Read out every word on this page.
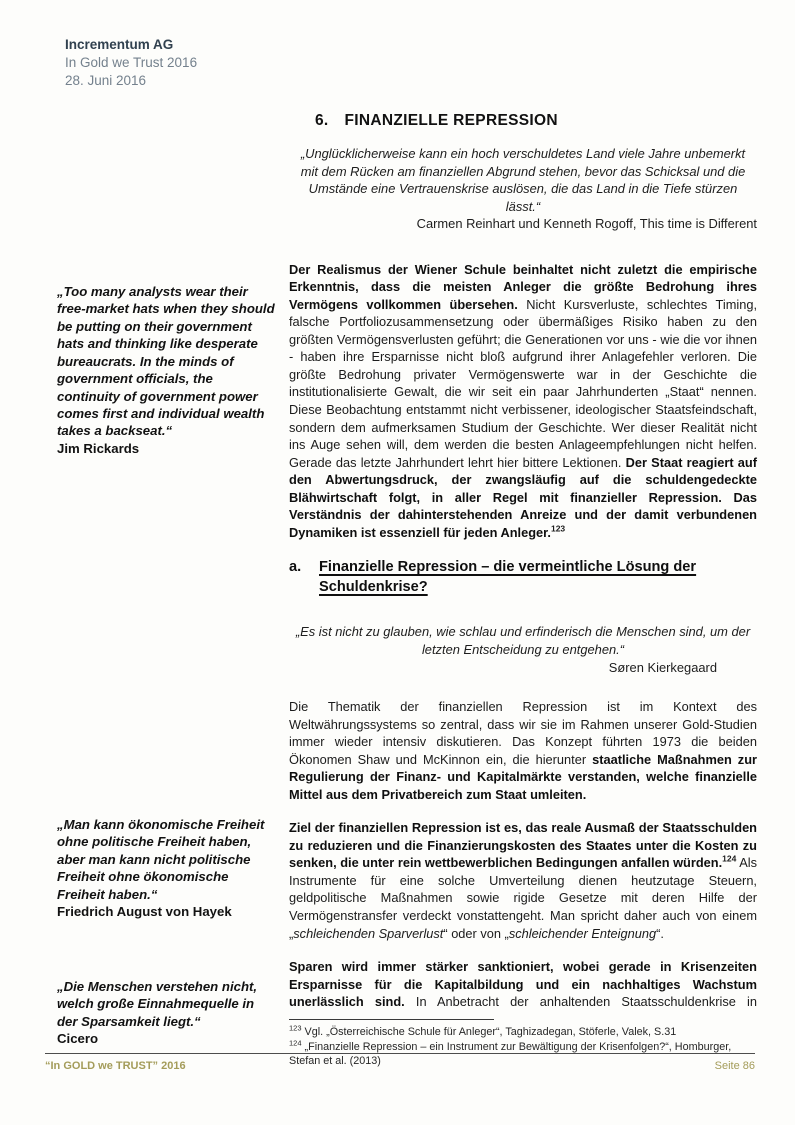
Incrementum AG
In Gold we Trust 2016
28. Juni 2016

„Too many analysts wear their free-market hats when they should be putting on their government hats and thinking like desperate bureaucrats. In the minds of government officials, the continuity of government power comes first and individual wealth takes a backseat.“

Jim Rickards

„Man kann ökonomische Freiheit ohne politische Freiheit haben, aber man kann nicht politische Freiheit ohne ökonomische Freiheit haben.“

Friedrich August von Hayek

„Die Menschen verstehen nicht, welch große Einnahmequelle in der Sparsamkeit liegt.“

Cicero
6. FINANZIELLE REPRESSION

„Unglücklicherweise kann ein hoch verschuldetes Land viele Jahre unbemerkt mit dem Rücken am finanziellen Abgrund stehen, bevor das Schicksal und die Umstände eine Vertrauenskrise auslösen, die das Land in die Tiefe stürzen lässt.“

Carmen Reinhart und Kenneth Rogoff, This time is Different

Der Realismus der Wiener Schule beinhaltet nicht zuletzt die empirische Erkenntnis, dass die meisten Anleger die größte Bedrohung ihres Vermögens vollkommen übersehen. Nicht Kursverluste, schlechtes Timing, falsche Portfoliozusammensetzung oder übermäßiges Risiko haben zu den größten Vermögensverlusten geführt; die Generationen vor uns - wie die vor ihnen - haben ihre Ersparnisse nicht bloß aufgrund ihrer Anlagefehler verloren. Die größte Bedrohung privater Vermögenswerte war in der Geschichte die institutionalisierte Gewalt, die wir seit ein paar Jahrhunderten „Staat“ nennen. Diese Beobachtung entstammt nicht verbissener, ideologischer Staatsfeindschaft, sondern dem aufmerksamen Studium der Geschichte. Wer dieser Realität nicht ins Auge sehen will, dem werden die besten Anlageempfehlungen nicht helfen. Gerade das letzte Jahrhundert lehrt hier bittere Lektionen. Der Staat reagiert auf den Abwertungsdruck, der zwangsläufig auf die schuldengedeckte Blähwirtschaft folgt, in aller Regel mit finanzieller Repression. Das Verständnis der dahinterstehenden Anreize und der damit verbundenen Dynamiken ist essenziell für jeden Anleger.$^{123}$

a.	Finanzielle Repression – die vermeintliche Lösung der Schuldenkrise?

„Es ist nicht zu glauben, wie schlau und erfinderisch die Menschen sind, um der letzten Entscheidung zu entgehen.“

Søren Kierkegaard

Die Thematik der finanziellen Repression ist im Kontext des Weltwährungssystems so zentral, dass wir sie im Rahmen unserer Gold-Studien immer wieder intensiv diskutieren. Das Konzept führten 1973 die beiden Ökonomen Shaw und McKinnon ein, die hierunter staatliche Maßnahmen zur Regulierung der Finanz- und Kapitalmärkte verstanden, welche finanzielle Mittel aus dem Privatbereich zum Staat umleiten.

Ziel der finanziellen Repression ist es, das reale Ausmaß der Staatsschulden zu reduzieren und die Finanzierungskosten des Staates unter die Kosten zu senken, die unter rein wettbewerblichen Bedingungen anfallen würden.$^{124}$ Als Instrumente für eine solche Umverteilung dienen heutzutage Steuern, geldpolitische Maßnahmen sowie rigide Gesetze mit deren Hilfe der Vermögenstransfer verdeckt vonstattengeht. Man spricht daher auch von einem „schleichenden Sparverlust“ oder von „schleichender Enteignung“.

Sparen wird immer stärker sanktioniert, wobei gerade in Krisenzeiten Ersparnisse für die Kapitalbildung und ein nachhaltiges Wachstum unerlässlich sind. In Anbetracht der anhaltenden Staatsschuldenkrise in

$^{123}$ Vgl. „Österreichische Schule für Anleger“, Taghizadegan, Stöferle, Valek, S.31

$^{124}$ „Finanzielle Repression – ein Instrument zur Bewältigung der Krisenfolgen?“, Homburger, Stefan et al. (2013)

“In GOLD we TRUST” 2016	Seite 86
